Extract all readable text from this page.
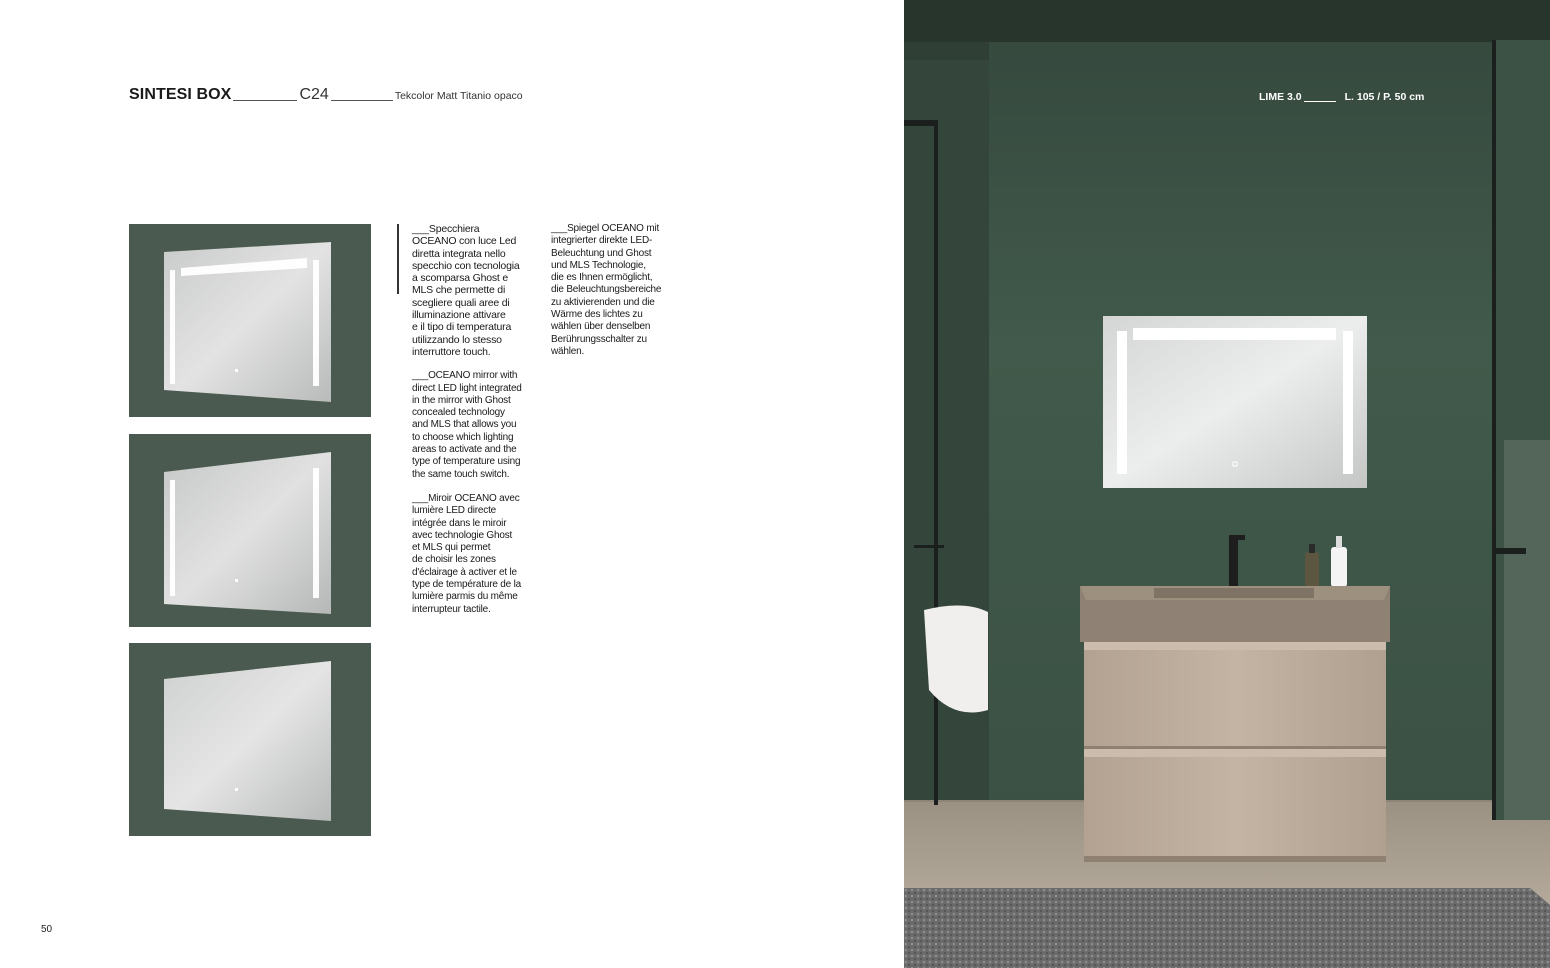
SINTESI BOX	C24	Tekcolor Matt Titanio opaco

___Specchiera
OCEANO con luce Led
diretta integrata nello
specchio con tecnologia
a scomparsa Ghost e
MLS che permette di
scegliere quali aree di
illuminazione attivare
e il tipo di temperatura
utilizzando lo stesso
interruttore touch.

___OCEANO mirror with
direct LED light integrated
in the mirror with Ghost
concealed technology
and MLS that allows you
to choose which lighting
areas to activate and the
type of temperature using
the same touch switch.

___Miroir OCEANO avec
lumière LED directe
intégrée dans le miroir
avec technologie Ghost
et MLS qui permet
de choisir les zones
d'éclairage à activer et le
type de température de la
lumière parmis du même
interrupteur tactile.

___Spiegel OCEANO mit
integrierter direkte LED-
Beleuchtung und Ghost
und MLS Technologie,
die es Ihnen ermöglicht,
die Beleuchtungsbereiche
zu aktivierenden und die
Wärme des lichtes zu
wählen über denselben
Berührungsschalter zu
wählen.

50
LIME 3.0	L. 105 / P. 50 cm
